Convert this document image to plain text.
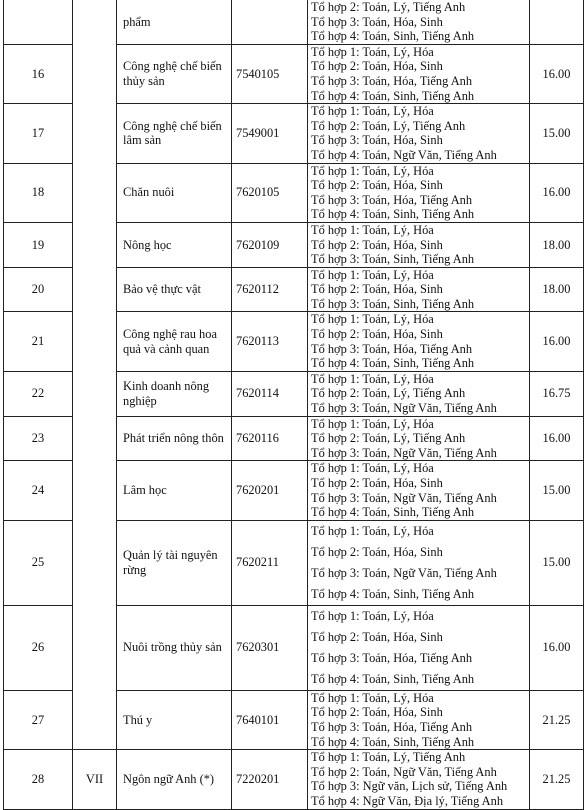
		phẩm		Tổ hợp 2: Toán, Lý, Tiếng Anh
Tổ hợp 3: Toán, Hóa, Sinh
Tổ hợp 4: Toán, Sinh, Tiếng Anh	

16		Công nghệ chế biến
thủy sản	7540105	Tổ hợp 1: Toán, Lý, Hóa
Tổ hợp 2: Toán, Hóa, Sinh
Tổ hợp 3: Toán, Hóa, Tiếng Anh
Tổ hợp 4: Toán, Sinh, Tiếng Anh	16.00
17		Công nghệ chế biến
lâm sản	7549001	Tổ hợp 1: Toán, Lý, Hóa
Tổ hợp 2: Toán, Lý, Tiếng Anh
Tổ hợp 3: Toán, Hóa, Sinh
Tổ hợp 4: Toán, Ngữ Văn, Tiếng Anh	15.00
18		Chăn nuôi	7620105	Tổ hợp 1: Toán, Lý, Hóa
Tổ hợp 2: Toán, Hóa, Sinh
Tổ hợp 3: Toán, Hóa, Tiếng Anh
Tổ hợp 4: Toán, Sinh, Tiếng Anh	16.00
19		Nông học	7620109	Tổ hợp 1: Toán, Lý, Hóa
Tổ hợp 2: Toán, Hóa, Sinh
Tổ hợp 3: Toán, Sinh, Tiếng Anh	18.00
20		Bảo vệ thực vật	7620112	Tổ hợp 1: Toán, Lý, Hóa
Tổ hợp 2: Toán, Hóa, Sinh
Tổ hợp 3: Toán, Sinh, Tiếng Anh	18.00
21		Công nghệ rau hoa
quả và cảnh quan	7620113	Tổ hợp 1: Toán, Lý, Hóa
Tổ hợp 2: Toán, Hóa, Sinh
Tổ hợp 3: Toán, Hóa, Tiếng Anh
Tổ hợp 4: Toán, Sinh, Tiếng Anh	16.00
22		Kinh doanh nông
nghiệp	7620114	Tổ hợp 1: Toán, Lý, Hóa
Tổ hợp 2: Toán, Lý, Tiếng Anh
Tổ hợp 3: Toán, Ngữ Văn, Tiếng Anh	16.75
23		Phát triển nông thôn	7620116	Tổ hợp 1: Toán, Lý, Hóa
Tổ hợp 2: Toán, Lý, Tiếng Anh
Tổ hợp 3: Toán, Ngữ Văn, Tiếng Anh	16.00
24		Lâm học	7620201	Tổ hợp 1: Toán, Lý, Hóa
Tổ hợp 2: Toán, Hóa, Sinh
Tổ hợp 3: Toán, Ngữ Văn, Tiếng Anh
Tổ hợp 4: Toán, Sinh, Tiếng Anh	15.00
25		Quản lý tài nguyên
rừng	7620211	Tổ hợp 1: Toán, Lý, Hóa
Tổ hợp 2: Toán, Hóa, Sinh
Tổ hợp 3: Toán, Ngữ Văn, Tiếng Anh
Tổ hợp 4: Toán, Sinh, Tiếng Anh	15.00
26		Nuôi trồng thủy sản	7620301	Tổ hợp 1: Toán, Lý, Hóa
Tổ hợp 2: Toán, Hóa, Sinh
Tổ hợp 3: Toán, Hóa, Tiếng Anh
Tổ hợp 4: Toán, Sinh, Tiếng Anh	16.00
27		Thú y	7640101	Tổ hợp 1: Toán, Lý, Hóa
Tổ hợp 2: Toán, Hóa, Sinh
Tổ hợp 3: Toán, Hóa, Tiếng Anh
Tổ hợp 4: Toán, Sinh, Tiếng Anh	21.25
28	VII	Ngôn ngữ Anh (*)	7220201	Tổ hợp 1: Toán, Lý, Tiếng Anh
Tổ hợp 2: Toán, Ngữ Văn, Tiếng Anh
Tổ hợp 3: Ngữ văn, Lịch sử, Tiếng Anh
Tổ hợp 4: Ngữ Văn, Địa lý, Tiếng Anh	21.25
